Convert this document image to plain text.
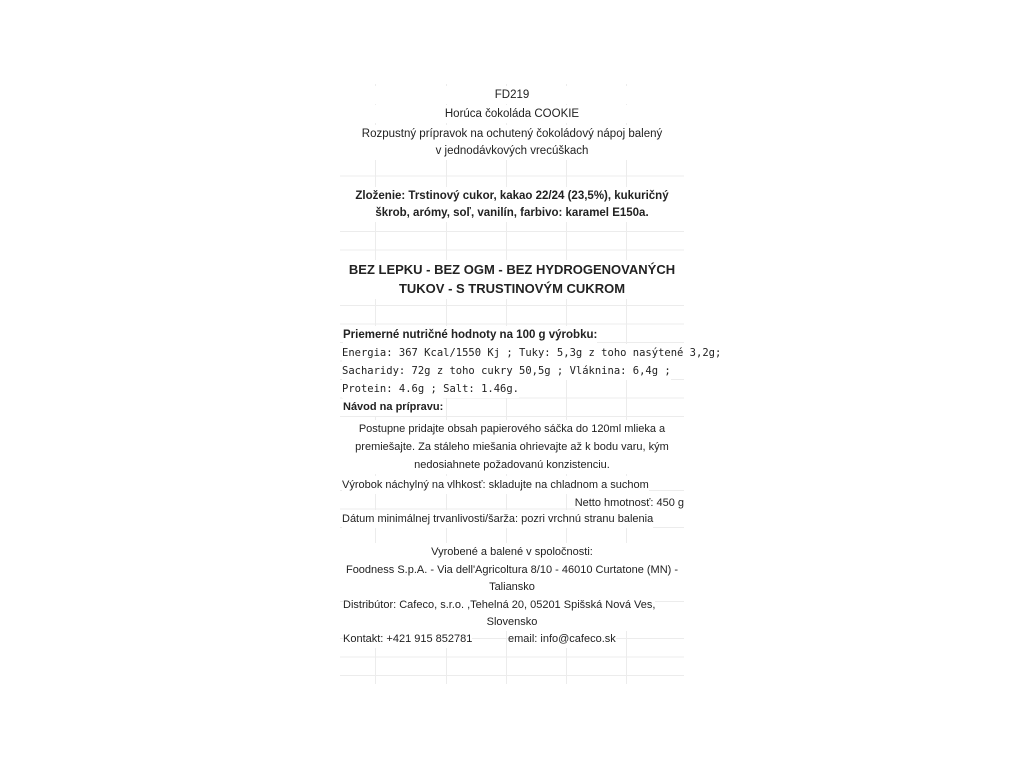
FD219
Horúca čokoláda COOKIE
Rozpustný prípravok na ochutený čokoládový nápoj balený
v jednodávkových vrecúškach
Zloženie: Trstinový cukor, kakao 22/24 (23,5%), kukuričný
škrob, arómy, soľ, vanilín, farbivo: karamel E150a.
BEZ LEPKU - BEZ OGM - BEZ HYDROGENOVANÝCH
TUKOV - S TRUSTINOVÝM CUKROM
Priemerné nutričné hodnoty na 100 g výrobku:
Energia: 367 Kcal/1550 Kj ; Tuky: 5,3g z toho nasýtené 3,2g;
Sacharidy: 72g z toho cukry 50,5g ; Vláknina: 6,4g ;
Protein: 4.6g ; Salt: 1.46g.
Návod na prípravu:
Postupne pridajte obsah papierového sáčka do 120ml mlieka a
premiešajte. Za stáleho miešania ohrievajte až k bodu varu, kým
nedosiahnete požadovanú konzistenciu.
Výrobok náchylný na vlhkosť: skladujte na chladnom a suchom
Netto hmotnosť: 450 g
Dátum minimálnej trvanlivosti/šarža: pozri vrchnú stranu balenia
Vyrobené a balené v spoločnosti:
Foodness S.p.A. - Via dell'Agricoltura 8/10 - 46010 Curtatone (MN) -
Taliansko
Distribútor: Cafeco, s.r.o. ,Tehelná 20, 05201 Spišská Nová Ves,
Slovensko
Kontakt: +421 915 852781	email: info@cafeco.sk
